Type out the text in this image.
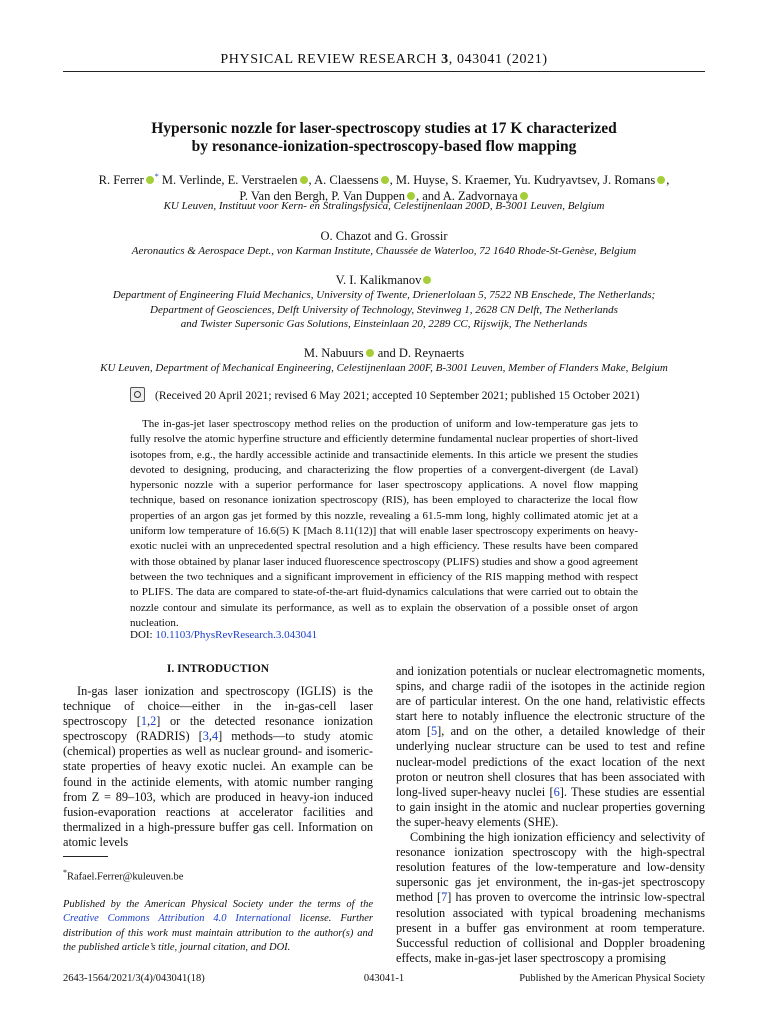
PHYSICAL REVIEW RESEARCH 3, 043041 (2021)
Hypersonic nozzle for laser-spectroscopy studies at 17 K characterized
by resonance-ionization-spectroscopy-based flow mapping
R. Ferrer * M. Verlinde, E. Verstraelen , A. Claessens , M. Huyse, S. Kraemer, Yu. Kudryavtsev, J. Romans ,
P. Van den Bergh, P. Van Duppen , and A. Zadvornaya
KU Leuven, Instituut voor Kern- en Stralingsfysica, Celestijnenlaan 200D, B-3001 Leuven, Belgium
O. Chazot and G. Grossir
Aeronautics & Aerospace Dept., von Karman Institute, Chaussée de Waterloo, 72 1640 Rhode-St-Genèse, Belgium
V. I. Kalikmanov
Department of Engineering Fluid Mechanics, University of Twente, Drienerlolaan 5, 7522 NB Enschede, The Netherlands;
Department of Geosciences, Delft University of Technology, Stevinweg 1, 2628 CN Delft, The Netherlands
and Twister Supersonic Gas Solutions, Einsteinlaan 20, 2289 CC, Rijswijk, The Netherlands
M. Nabuurs and D. Reynaerts
KU Leuven, Department of Mechanical Engineering, Celestijnenlaan 200F, B-3001 Leuven, Member of Flanders Make, Belgium
(Received 20 April 2021; revised 6 May 2021; accepted 10 September 2021; published 15 October 2021)

The in-gas-jet laser spectroscopy method relies on the production of uniform and low-temperature gas jets to fully resolve the atomic hyperfine structure and efficiently determine fundamental nuclear properties of short-lived isotopes from, e.g., the hardly accessible actinide and transactinide elements. In this article we present the studies devoted to designing, producing, and characterizing the flow properties of a convergent-divergent (de Laval) hypersonic nozzle with a superior performance for laser spectroscopy applications. A novel flow mapping technique, based on resonance ionization spectroscopy (RIS), has been employed to characterize the local flow properties of an argon gas jet formed by this nozzle, revealing a 61.5-mm long, highly collimated atomic jet at a uniform low temperature of 16.6(5) K [Mach 8.11(12)] that will enable laser spectroscopy experiments on heavy-exotic nuclei with an unprecedented spectral resolution and a high efficiency. These results have been compared with those obtained by planar laser induced fluorescence spectroscopy (PLIFS) studies and show a good agreement between the two techniques and a significant improvement in efficiency of the RIS mapping method with respect to PLIFS. The data are compared to state-of-the-art fluid-dynamics calculations that were carried out to obtain the nozzle contour and simulate its performance, as well as to explain the observation of a possible onset of argon nucleation.

DOI: 10.1103/PhysRevResearch.3.043041
I. INTRODUCTION

In-gas laser ionization and spectroscopy (IGLIS) is the technique of choice—either in the in-gas-cell laser spectroscopy [1,2] or the detected resonance ionization spectroscopy (RADRIS) [3,4] methods—to study atomic (chemical) properties as well as nuclear ground- and isomeric-state properties of heavy exotic nuclei. An example can be found in the actinide elements, with atomic number ranging from Z = 89–103, which are produced in heavy-ion induced fusion-evaporation reactions at accelerator facilities and thermalized in a high-pressure buffer gas cell. Information on atomic levels

and ionization potentials or nuclear electromagnetic moments, spins, and charge radii of the isotopes in the actinide region are of particular interest. On the one hand, relativistic effects start here to notably influence the electronic structure of the atom [5], and on the other, a detailed knowledge of their underlying nuclear structure can be used to test and refine nuclear-model predictions of the exact location of the next proton or neutron shell closures that has been associated with long-lived super-heavy nuclei [6]. These studies are essential to gain insight in the atomic and nuclear properties governing the super-heavy elements (SHE).

Combining the high ionization efficiency and selectivity of resonance ionization spectroscopy with the high-spectral resolution features of the low-temperature and low-density supersonic gas jet environment, the in-gas-jet spectroscopy method [7] has proven to overcome the intrinsic low-spectral resolution associated with typical broadening mechanisms present in a buffer gas environment at room temperature. Successful reduction of collisional and Doppler broadening effects, make in-gas-jet laser spectroscopy a promising

*Rafael.Ferrer@kuleuven.be

Published by the American Physical Society under the terms of the Creative Commons Attribution 4.0 International license. Further distribution of this work must maintain attribution to the author(s) and the published article’s title, journal citation, and DOI.

2643-1564/2021/3(4)/043041(18)	043041-1	Published by the American Physical Society
